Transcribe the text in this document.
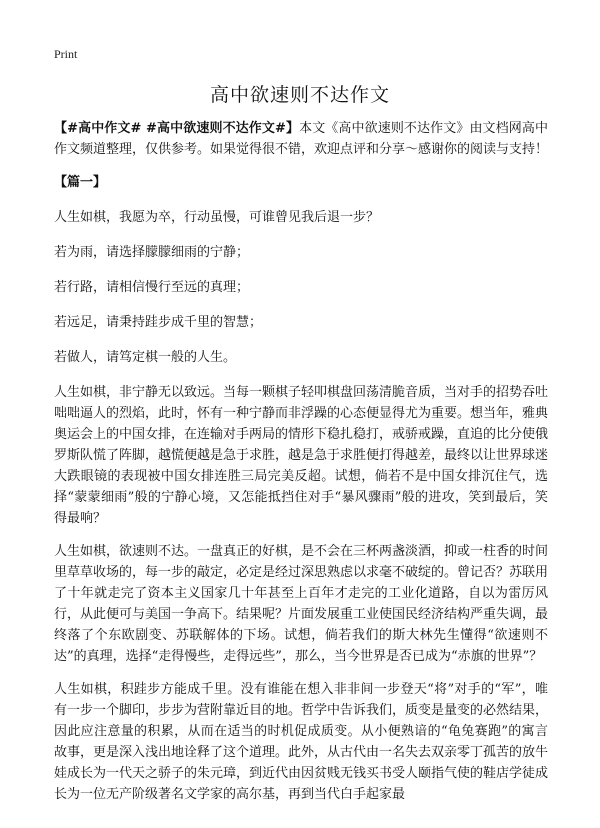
Print
高中欲速则不达作文

【#高中作文# #高中欲速则不达作文#】本文《高中欲速则不达作文》由文档网高中作文频道整理，仅供参考。如果觉得很不错，欢迎点评和分享～感谢你的阅读与支持！

【篇一】

人生如棋，我愿为卒，行动虽慢，可谁曾见我后退一步？

若为雨，请选择朦朦细雨的宁静；

若行路，请相信慢行至远的真理；

若远足，请秉持跬步成千里的智慧；

若做人，请笃定棋一般的人生。

人生如棋，非宁静无以致远。当每一颗棋子轻叩棋盘回荡清脆音质，当对手的招势吞吐咄咄逼人的烈焰，此时，怀有一种宁静而非浮躁的心态便显得尤为重要。想当年，雅典奥运会上的中国女排，在连输对手两局的情形下稳扎稳打，戒骄戒躁，直追的比分使俄罗斯队慌了阵脚，越慌便越是急于求胜，越是急于求胜便打得越差，最终以让世界球迷大跌眼镜的表现被中国女排连胜三局完美反超。试想，倘若不是中国女排沉住气，选择“蒙蒙细雨”般的宁静心境，又怎能抵挡住对手“暴风骤雨”般的进攻，笑到最后，笑得最响？

人生如棋，欲速则不达。一盘真正的好棋，是不会在三杯两盏淡酒，抑或一柱香的时间里草草收场的，每一步的敲定，必定是经过深思熟虑以求毫不破绽的。曾记否？苏联用了十年就走完了资本主义国家几十年甚至上百年才走完的工业化道路，自以为雷厉风行，从此便可与美国一争高下。结果呢？片面发展重工业使国民经济结构严重失调，最终落了个东欧剧变、苏联解体的下场。试想，倘若我们的斯大林先生懂得“欲速则不达”的真理，选择“走得慢些，走得远些”，那么，当今世界是否已成为“赤旗的世界”？

人生如棋，积跬步方能成千里。没有谁能在想入非非间一步登天“将”对手的“军”，唯有一步一个脚印，步步为营附靠近目的地。哲学中告诉我们，质变是量变的必然结果，因此应注意量的积累，从而在适当的时机促成质变。从小便熟谙的“龟兔赛跑”的寓言故事，更是深入浅出地诠释了这个道理。此外，从古代由一名失去双亲零丁孤苦的放牛娃成长为一代天之骄子的朱元璋，到近代由因贫贱无钱买书受人颐指气使的鞋店学徒成长为一位无产阶级著名文学家的高尔基，再到当代白手起家最
